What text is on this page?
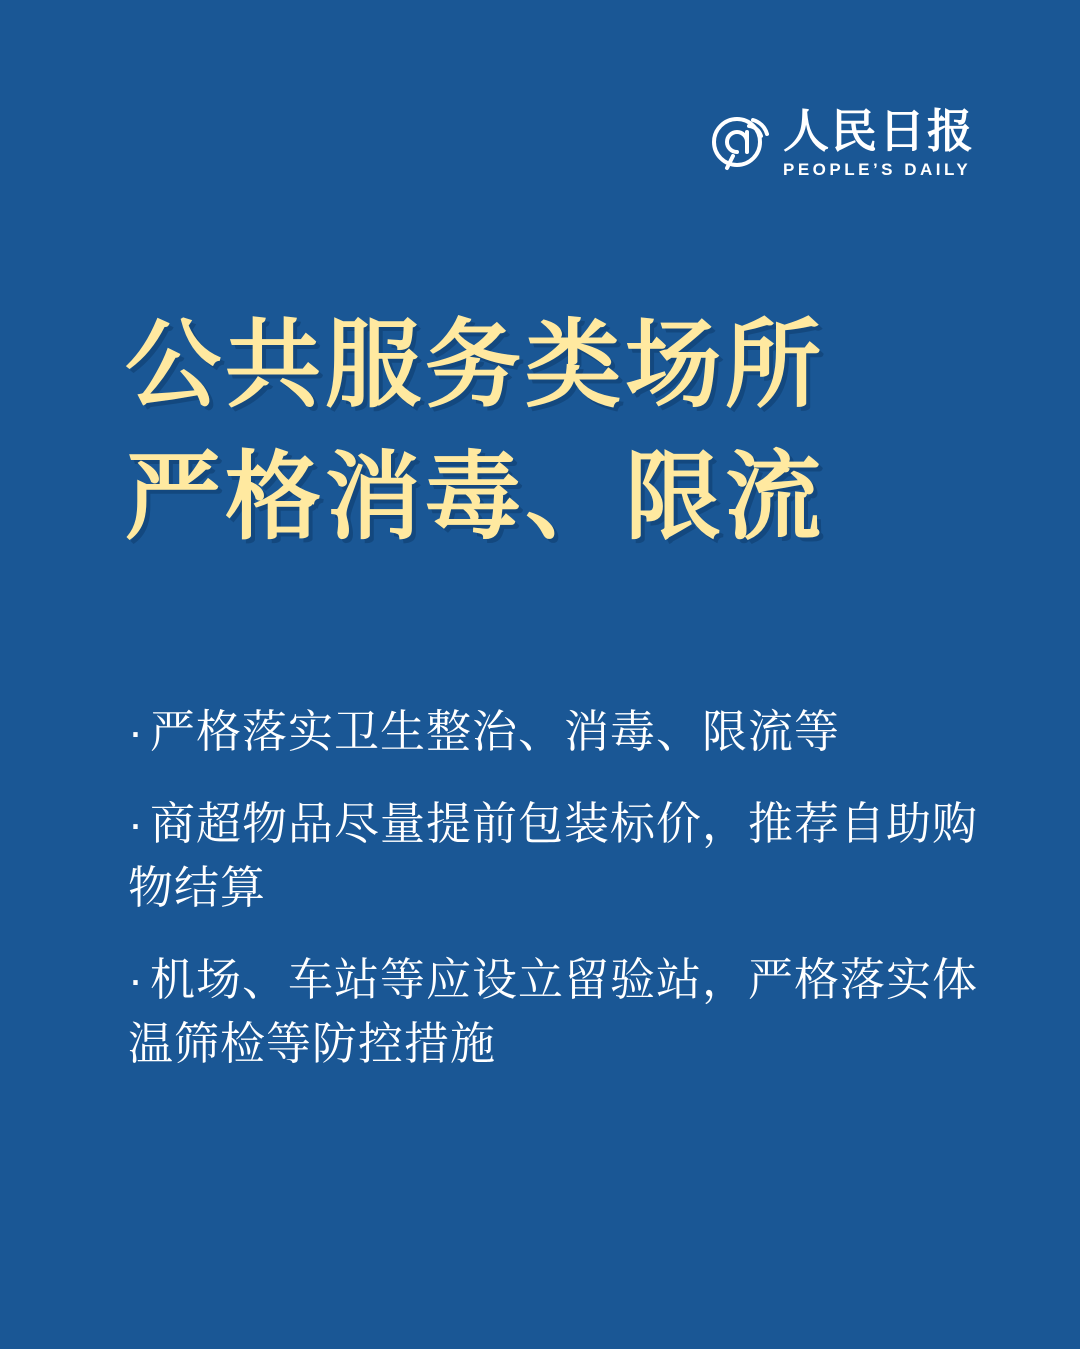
人民日报
PEOPLE’S DAILY
公共服务类场所
严格消毒、限流
· 严格落实卫生整治、消毒、限流等
· 商超物品尽量提前包装标价，推荐自助购物结算
· 机场、车站等应设立留验站，严格落实体温筛检等防控措施
